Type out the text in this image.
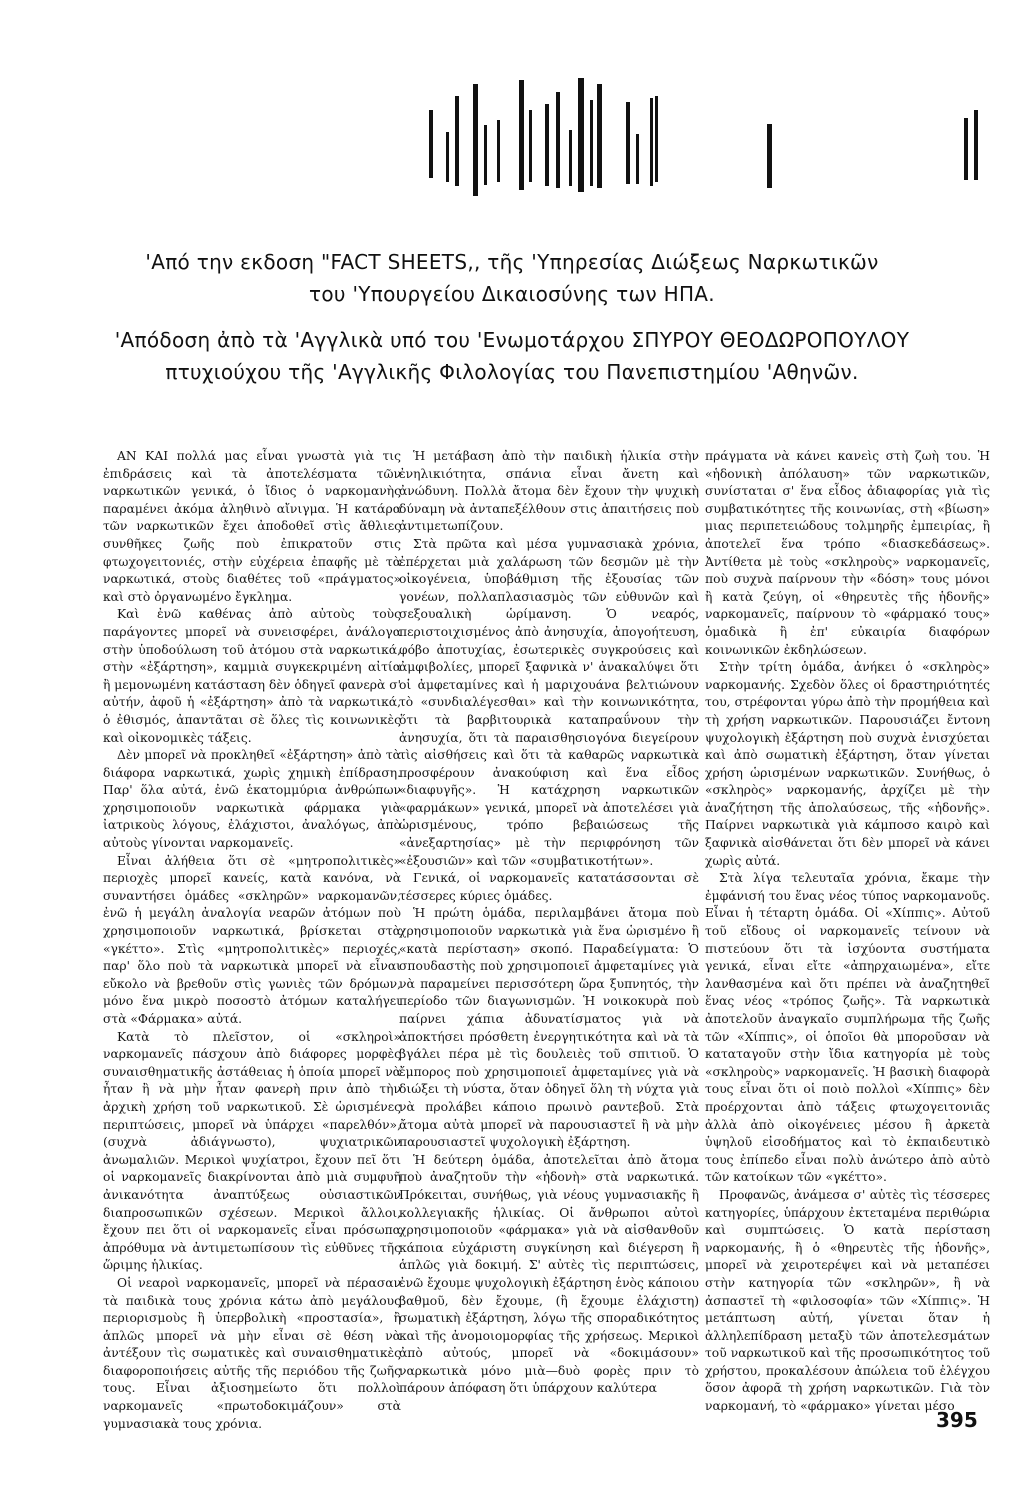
'Από την εκδοση "FACT SHEETS,, τῆς 'Υπηρεσίας Διώξεως Ναρκωτικῶν
του 'Υπουργείου Δικαιοσύνης των ΗΠΑ.
'Απόδοση ἀπὸ τὰ 'Αγγλικὰ υπό του 'Ενωμοτάρχου ΣΠΥΡΟΥ ΘΕΟΔΩΡΟΠΟΥΛΟΥ
πτυχιούχου τῆς 'Αγγλικῆς Φιλολογίας του Πανεπιστημίου 'Αθηνῶν.

ΑΝ ΚΑΙ πολλά μας εἶναι γνωστὰ γιὰ τις ἐπιδράσεις καὶ τὰ ἀποτελέσματα τῶν ναρκωτικῶν γενικά, ὁ ἴδιος ὁ ναρκομανὴς παραμένει ἀκόμα ἀληθινὸ αἴνιγμα. Ἡ κατάρα τῶν ναρκωτικῶν ἔχει ἀποδοθεῖ στὶς ἄθλιες συνθῆκες ζωῆς ποὺ ἐπικρατοῦν στις φτωχογειτονιές, στὴν εὐχέρεια ἐπαφῆς μὲ τὰ ναρκωτικά, στοὺς διαθέτες τοῦ «πράγματος» καὶ στὸ ὀργανωμένο ἔγκλημα.

Καὶ ἐνῶ καθένας ἀπὸ αὐτοὺς τοὺς παράγοντες μπορεῖ νὰ συνεισφέρει, ἀνάλογα στὴν ὑποδούλωση τοῦ ἀτόμου στὰ ναρκωτικά, στὴν «ἐξάρτηση», καμμιὰ συγκεκριμένη αἰτία ἢ μεμονωμένη κατάσταση δὲν ὁδηγεῖ φανερὰ σ' αὐτήν, ἀφοῦ ἡ «ἐξάρτηση» ἀπὸ τὰ ναρκωτικά, ὁ ἐθισμός, ἀπαντᾶται σὲ ὅλες τὶς κοινωνικὲς καὶ οἰκονομικὲς τάξεις.

Δὲν μπορεῖ νὰ προκληθεῖ «ἐξάρτηση» ἀπὸ τὰ διάφορα ναρκωτικά, χωρὶς χημικὴ ἐπίδραση. Παρ' ὅλα αὐτά, ἐνῶ ἑκατομμύρια ἀνθρώπων χρησιμοποιοῦν ναρκωτικὰ φάρμακα γιὰ ἰατρικοὺς λόγους, ἐλάχιστοι, ἀναλόγως, ἀπὸ αὐτοὺς γίνονται ναρκομανεῖς.

Εἶναι ἀλήθεια ὅτι σὲ «μητροπολιτικὲς» περιοχὲς μπορεῖ κανείς, κατὰ κανόνα, νὰ συναντήσει ὁμάδες «σκληρῶν» ναρκομανῶν, ἐνῶ ἡ μεγάλη ἀναλογία νεαρῶν ἀτόμων ποὺ χρησιμοποιοῦν ναρκωτικά, βρίσκεται στὰ «γκέττο». Στὶς «μητροπολιτικὲς» περιοχές, παρ' ὅλο ποὺ τὰ ναρκωτικὰ μπορεῖ νὰ εἶναι εὔκολο νὰ βρεθοῦν στὶς γωνιὲς τῶν δρόμων, μόνο ἕνα μικρὸ ποσοστὸ ἀτόμων καταλήγει στὰ «Φάρμακα» αὐτά.

Κατὰ τὸ πλεῖστον, οἱ «σκληροὶ» ναρκομανεῖς πάσχουν ἀπὸ διάφορες μορφὲς συναισθηματικῆς ἀστάθειας ἡ ὁποία μπορεῖ νὰ ἦταν ἢ νὰ μὴν ἦταν φανερὴ πριν ἀπὸ τὴν ἀρχικὴ χρήση τοῦ ναρκωτικοῦ. Σὲ ὡρισμένες περιπτώσεις, μπορεῖ νὰ ὑπάρχει «παρελθόν», (συχνὰ ἀδιάγνωστο), ψυχιατρικῶν ἀνωμαλιῶν. Μερικοὶ ψυχίατροι, ἔχουν πεῖ ὅτι οἱ ναρκομανεῖς διακρίνονται ἀπὸ μιὰ συμφυῆ ἀνικανότητα ἀναπτύξεως οὐσιαστικῶν διαπροσωπικῶν σχέσεων. Μερικοὶ ἄλλοι, ἔχουν πει ὅτι οἱ ναρκομανεῖς εἶναι πρόσωπα ἀπρόθυμα νὰ ἀντιμετωπίσουν τὶς εὐθῦνες τῆς ὥριμης ἡλικίας.

Οἱ νεαροὶ ναρκομανεῖς, μπορεῖ νὰ πέρασαν τὰ παιδικὰ τους χρόνια κάτω ἀπὸ μεγάλους περιορισμοὺς ἢ ὑπερβολικὴ «προστασία», ἢ ἁπλῶς μπορεῖ νὰ μὴν εἶναι σὲ θέση νὰ ἀντέξουν τὶς σωματικὲς καὶ συναισθηματικὲς διαφοροποιήσεις αὐτῆς τῆς περιόδου τῆς ζωῆς τους. Εἶναι ἀξιοσημείωτο ὅτι πολλοὶ ναρκομανεῖς «πρωτοδοκιμάζουν» στὰ γυμνασιακὰ τους χρόνια.

Ἡ μετάβαση ἀπὸ τὴν παιδικὴ ἡλικία στὴν ἐνηλικιότητα, σπάνια εἶναι ἄνετη καὶ ἀνώδυνη. Πολλὰ ἄτομα δὲν ἔχουν τὴν ψυχικὴ δύναμη νὰ ἀνταπεξέλθουν στις ἀπαιτήσεις ποὺ ἀντιμετωπίζουν.

Στὰ πρῶτα καὶ μέσα γυμνασιακὰ χρόνια, ἐπέρχεται μιὰ χαλάρωση τῶν δεσμῶν μὲ τὴν οἰκογένεια, ὑποβάθμιση τῆς ἐξουσίας τῶν γονέων, πολλαπλασιασμὸς τῶν εὐθυνῶν καὶ σεξουαλικὴ ὡρίμανση. Ὁ νεαρός, περιστοιχισμένος ἀπὸ ἀνησυχία, ἀπογοήτευση, φόβο ἀποτυχίας, ἐσωτερικὲς συγκρούσεις καὶ ἀμφιβολίες, μπορεῖ ξαφνικὰ ν' ἀνακαλύψει ὅτι οἱ ἀμφεταμίνες καὶ ἡ μαριχουάνα βελτιώνουν τὸ «συνδιαλέγεσθαι» καὶ τὴν κοινωνικότητα, ὅτι τὰ βαρβιτουρικὰ καταπραΰνουν τὴν ἀνησυχία, ὅτι τὰ παραισθησιογόνα διεγείρουν τὶς αἰσθήσεις καὶ ὅτι τὰ καθαρῶς ναρκωτικὰ προσφέρουν ἀνακούφιση καὶ ἕνα εἶδος «διαφυγῆς». Ἡ κατάχρηση ναρκωτικῶν «φαρμάκων» γενικά, μπορεῖ νὰ ἀποτελέσει γιὰ ὡρισμένους, τρόπο βεβαιώσεως τῆς «ἀνεξαρτησίας» μὲ τὴν περιφρόνηση τῶν «ἐξουσιῶν» καὶ τῶν «συμβατικοτήτων».

Γενικά, οἱ ναρκομανεῖς κατατάσσονται σὲ τέσσερες κύριες ὁμάδες.

Ἡ πρώτη ὁμάδα, περιλαμβάνει ἄτομα ποὺ χρησιμοποιοῦν ναρκωτικὰ γιὰ ἕνα ὡρισμένο ἢ «κατὰ περίσταση» σκοπό. Παραδείγματα: Ὁ σπουδαστὴς ποὺ χρησιμοποιεῖ ἀμφεταμίνες γιὰ νὰ παραμείνει περισσότερη ὥρα ξυπνητός, τὴν περίοδο τῶν διαγωνισμῶν. Ἡ νοικοκυρὰ ποὺ παίρνει χάπια ἀδυνατίσματος γιὰ νὰ ἀποκτήσει πρόσθετη ἐνεργητικότητα καὶ νὰ τὰ βγάλει πέρα μὲ τὶς δουλειὲς τοῦ σπιτιοῦ. Ὁ ἔμπορος ποὺ χρησιμοποιεῖ ἀμφεταμίνες γιὰ νὰ διώξει τὴ νύστα, ὅταν ὁδηγεῖ ὅλη τὴ νύχτα γιὰ νὰ προλάβει κάποιο πρωινὸ ραντεβοῦ. Στὰ ἄτομα αὐτὰ μπορεῖ νὰ παρουσιαστεῖ ἢ νὰ μὴν παρουσιαστεῖ ψυχολογικὴ ἐξάρτηση.

Ἡ δεύτερη ὁμάδα, ἀποτελεῖται ἀπὸ ἄτομα ποὺ ἀναζητοῦν τὴν «ἡδονὴ» στὰ ναρκωτικά. Πρόκειται, συνήθως, γιὰ νέους γυμνασιακῆς ἢ κολλεγιακῆς ἡλικίας. Οἱ ἄνθρωποι αὐτοὶ χρησιμοποιοῦν «φάρμακα» γιὰ νὰ αἰσθανθοῦν κάποια εὐχάριστη συγκίνηση καὶ διέγερση ἢ ἁπλῶς γιὰ δοκιμή. Σ' αὐτὲς τὶς περιπτώσεις, ἐνῶ ἔχουμε ψυχολογικὴ ἐξάρτηση ἑνὸς κάποιου βαθμοῦ, δὲν ἔχουμε, (ἢ ἔχουμε ἐλάχιστη) σωματικὴ ἐξάρτηση, λόγω τῆς σποραδικότητος καὶ τῆς ἀνομοιομορφίας τῆς χρήσεως. Μερικοὶ ἀπὸ αὐτούς, μπορεῖ νὰ «δοκιμάσουν» ναρκωτικὰ μόνο μιὰ—δυὸ φορὲς πριν τὸ πάρουν ἀπόφαση ὅτι ὑπάρχουν καλύτερα

πράγματα νὰ κάνει κανεὶς στὴ ζωὴ του. Ἡ «ἡδονικὴ ἀπόλαυση» τῶν ναρκωτικῶν, συνίσταται σ' ἕνα εἶδος ἀδιαφορίας γιὰ τὶς συμβατικότητες τῆς κοινωνίας, στὴ «βίωση» μιας περιπετειώδους τολμηρῆς ἐμπειρίας, ἢ ἀποτελεῖ ἕνα τρόπο «διασκεδάσεως». Ἀντίθετα μὲ τοὺς «σκληροὺς» ναρκομανεῖς, ποὺ συχνὰ παίρνουν τὴν «δόση» τους μόνοι ἢ κατὰ ζεύγη, οἱ «θηρευτὲς τῆς ἡδονῆς» ναρκομανεῖς, παίρνουν τὸ «φάρμακό τους» ὁμαδικὰ ἢ ἐπ' εὐκαιρία διαφόρων κοινωνικῶν ἐκδηλώσεων.

Στὴν τρίτη ὁμάδα, ἀνήκει ὁ «σκληρὸς» ναρκομανής. Σχεδὸν ὅλες οἱ δραστηριότητές του, στρέφονται γύρω ἀπὸ τὴν προμήθεια καὶ τὴ χρήση ναρκωτικῶν. Παρουσιάζει ἔντονη ψυχολογικὴ ἐξάρτηση ποὺ συχνὰ ἐνισχύεται καὶ ἀπὸ σωματικὴ ἐξάρτηση, ὅταν γίνεται χρήση ὡρισμένων ναρκωτικῶν. Συνήθως, ὁ «σκληρὸς» ναρκομανής, ἀρχίζει μὲ τὴν ἀναζήτηση τῆς ἀπολαύσεως, τῆς «ἡδονῆς». Παίρνει ναρκωτικὰ γιὰ κάμποσο καιρὸ καὶ ξαφνικὰ αἰσθάνεται ὅτι δὲν μπορεῖ νὰ κάνει χωρὶς αὐτά.

Στὰ λίγα τελευταῖα χρόνια, ἔκαμε τὴν ἐμφάνισή του ἕνας νέος τύπος ναρκομανοῦς. Εἶναι ἡ τέταρτη ὁμάδα. Οἱ «Χίππις». Αὐτοῦ τοῦ εἴδους οἱ ναρκομανεῖς τείνουν νὰ πιστεύουν ὅτι τὰ ἰσχύοντα συστήματα γενικά, εἶναι εἴτε «ἀπηρχαιωμένα», εἴτε λανθασμένα καὶ ὅτι πρέπει νὰ ἀναζητηθεῖ ἕνας νέος «τρόπος ζωῆς». Τὰ ναρκωτικὰ ἀποτελοῦν ἀναγκαῖο συμπλήρωμα τῆς ζωῆς τῶν «Χίππις», οἱ ὁποῖοι θὰ μποροῦσαν νὰ καταταγοῦν στὴν ἴδια κατηγορία μὲ τοὺς «σκληροὺς» ναρκομανεῖς. Ἡ βασικὴ διαφορὰ τους εἶναι ὅτι οἱ ποιὸ πολλοὶ «Χίππις» δὲν προέρχονται ἀπὸ τάξεις φτωχογειτονιᾶς ἀλλὰ ἀπὸ οἰκογένειες μέσου ἢ ἀρκετὰ ὑψηλοῦ εἰσοδήματος καὶ τὸ ἐκπαιδευτικὸ τους ἐπίπεδο εἶναι πολὺ ἀνώτερο ἀπὸ αὐτὸ τῶν κατοίκων τῶν «γκέττο».

Προφανῶς, ἀνάμεσα σ' αὐτὲς τὶς τέσσερες κατηγορίες, ὑπάρχουν ἐκτεταμένα περιθώρια καὶ συμπτώσεις. Ὁ κατὰ περίσταση ναρκομανής, ἢ ὁ «θηρευτὲς τῆς ἡδονῆς», μπορεῖ νὰ χειροτερέψει καὶ νὰ μεταπέσει στὴν κατηγορία τῶν «σκληρῶν», ἢ νὰ ἀσπαστεῖ τὴ «φιλοσοφία» τῶν «Χίππις». Ἡ μετάπτωση αὐτή, γίνεται ὅταν ἡ ἀλληλεπίδραση μεταξὺ τῶν ἀποτελεσμάτων τοῦ ναρκωτικοῦ καὶ τῆς προσωπικότητος τοῦ χρήστου, προκαλέσουν ἀπώλεια τοῦ ἐλέγχου ὅσον ἀφορᾶ τὴ χρήση ναρκωτικῶν. Γιὰ τὸν ναρκομανή, τὸ «φάρμακο» γίνεται μέσο

395
